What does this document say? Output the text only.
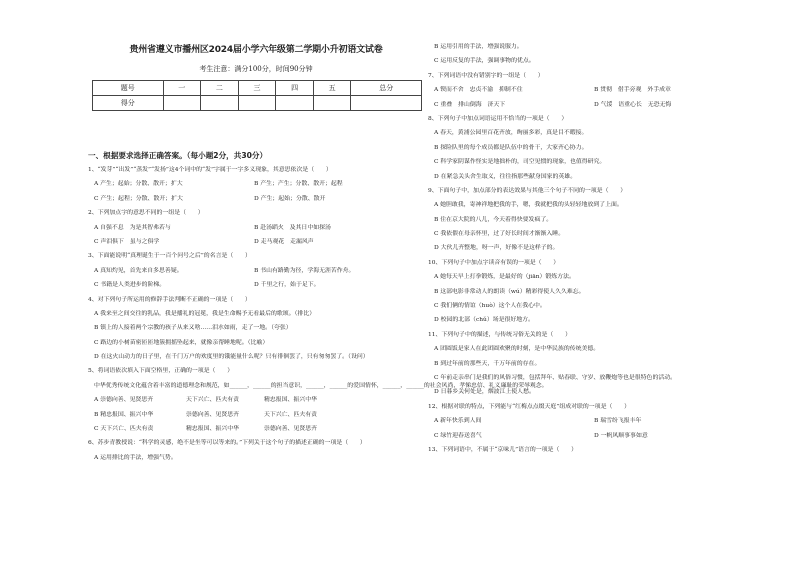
贵州省遵义市播州区2024届小学六年级第二学期小升初语文试卷
考生注意：满分100分，时间90分钟
题号	一	二	三	四	五	总分
得分						
一、根据要求选择正确答案。（每小题2分，共30分）
1、“发芽”“出发”“蒸发”“发扬”这4个词中的“发”字属于一字多义现象，其意思依次是（　　）
A 产生；起始；分散、散开；扩大	B 产生；产生；分散、散开；起程
C 产生；起程；分散、散开；扩大	D 产生；起始；分散、散开
2、下列加点字的意思不同的一组是（　　）
A 自强不息　为是其智弗若与	B 赴汤蹈火　及其日中如探汤
C 声泪俱下　虽与之俱学	D 走马观花　走漏风声
3、下面能说明“真理诞生于一百个问号之后”的名言是（　　）
A 真知灼见，首先来自多思善疑。	B 书山有路勤为径，学海无涯苦作舟。
C 书籍是人类进步的阶梯。	D 千里之行，始于足下。
4、对下列句子所运用的修辞手法判断不正确的一项是（　　）
A 我来至之间交往的乳品，我是播礼的冠冕，我是生命赐予无看最后的歌颂。（排比）
B 镇上的人接着两个宗教的孩子从来又啥……泪水如雨，走了一地。（夸张）
C 路边的小树苗密匝匝地簇拥摇坠起来，就像亲帮睡地呢。（比喻）
D 在这火山动力的日子里，在千门万户的欢度里的饿能量什么呢？只有徘徊罢了，只有匆匆罢了。（设问）
5、将词语依次填入下面空格里，正确的一项是（　　）
中华优秀传统文化蕴含着丰富的道德理念和规范，如______，______的担当意识，______，______的爱国情怀，______，______的社会风尚，孝悌忠信、礼义廉耻的荣辱观念。
A 崇德向善、见贤思齐	天下兴亡、匹夫有责	精忠报国、振兴中华
B 精忠报国、振兴中华	崇德向善、见贤思齐	天下兴亡、匹夫有责
C 天下兴亡、匹夫有责	精忠报国、振兴中华	崇德向善、见贤思齐
6、苏步青教授说：“科学的灵感，绝不是坐等可以等来的。”下列关于这个句子的描述正确的一项是（　　）
A 运用排比的手法，增强气势。
B 运用引用的手法，增强说服力。
C 运用反复的手法，强调事物的优点。
7、下列词语中没有错别字的一组是（　　）
A 锲而不舍　忠贞不渝　抑制不住	B 贯彻　借手旁观　外手成章
C 重叠　排山倒海　济天下	D 气馁　语重心长　无恐无悔
8、下列句子中加点词语运用不恰当的一项是（　　）
A 春天，黄浦公园里百花齐放，绚丽多彩，真是目不暇接。
B 探险队里的每个成员都是队伍中的骨干，大家齐心协力。
C 科学家阴谋作怪实是地拙朴的，司空见惯的现象，也值得研究。
D 在紧急关头舍生取义，往往指那些献身国家的英雄。
9、下面句子中，加点部分的表达效果与其他三个句子不同的一项是（　　）
A 她胆敢我，寄神祥地把我的手，嗯，我就把我的头轻轻地放到了上面。
B 住在京大院的八儿，今天着得快要发疯了。
C 我依偎在母亲怀里，过了好长时间才渐渐入睡。
D 大伙儿齐整地，呀一声，好像不是这样子的。
10、下列句子中加点字读音有误的一项是（　　）
A 她每天早上打拳锻炼，是最好的（jiān）锻炼方法。
B 这部电影非常动人的朗读（wú）精彩得使人久久难忘。
C 我们俩的情谊（huò）这个人在我心中。
D 校园的北部（chǔ）场是很好地方。
11、下列句子中的描述，与传统习俗无关的是（　　）
A 团圆饭是家人在此团圆欢聚的时刻，是中华民族的传统美德。
B 到过年前的那些天，千万年前的存在。
C 年前走亲串门是我们的风俗习惯，包括拜年、贴春联、守岁、放鞭炮等也是很特色的活动。
D 日暮乡关何处是，烟波江上使人愁。
12、根据对联的特点，下列能与“红梅点点缀天庭”组成对联的一项是（　　）
A 新年快乐到人间	B 瑞雪纷飞报丰年
C 绿竹迎春送喜气	D 一帆风顺事事如意
13、下列词语中，不属于“京味儿”语言的一项是（　　）
